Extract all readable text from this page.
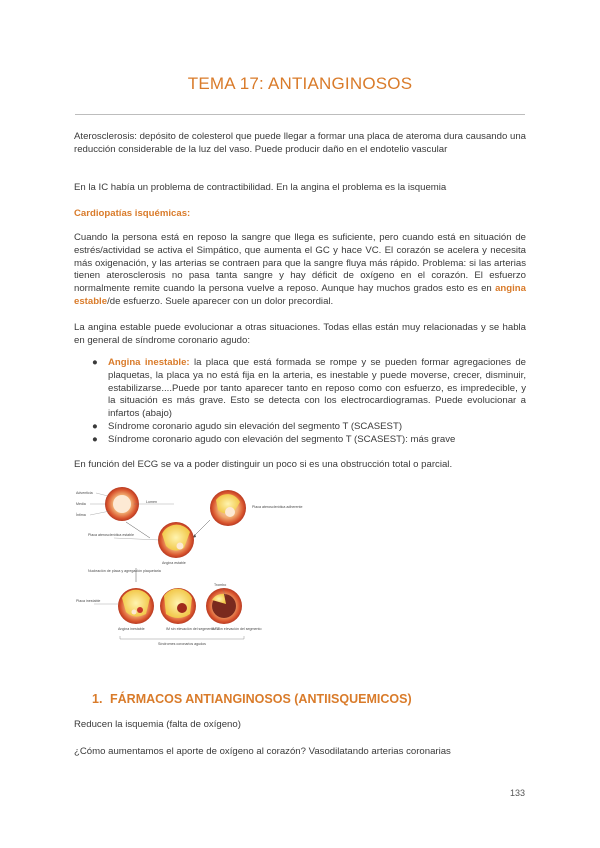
TEMA 17: ANTIANGINOSOS

Aterosclerosis: depósito de colesterol que puede llegar a formar una placa de ateroma dura causando una reducción considerable de la luz del vaso. Puede producir daño en el endotelio vascular

En la IC había un problema de contractibilidad. En la angina el problema es la isquemia

Cardiopatías isquémicas:

Cuando la persona está en reposo la sangre que llega es suficiente, pero cuando está en situación de estrés/actividad se activa el Simpático, que aumenta el GC y hace VC. El corazón se acelera y necesita más oxigenación, y las arterias se contraen para que la sangre fluya más rápido. Problema: si las arterias tienen aterosclerosis no pasa tanta sangre y hay déficit de oxígeno en el corazón. El esfuerzo normalmente remite cuando la persona vuelve a reposo. Aunque hay muchos grados esto es en angina estable/de esfuerzo. Suele aparecer con un dolor precordial.

La angina estable puede evolucionar a otras situaciones. Todas ellas están muy relacionadas y se habla en general de síndrome coronario agudo:

● Angina inestable: la placa que está formada se rompe y se pueden formar agregaciones de plaquetas, la placa ya no está fija en la arteria, es inestable y puede moverse, crecer, disminuir, estabilizarse....Puede por tanto aparecer tanto en reposo como con esfuerzo, es impredecible, y la situación es más grave. Esto se detecta con los electrocardiogramas. Puede evolucionar a infartos (abajo)
● Síndrome coronario agudo sin elevación del segmento T (SCASEST)
● Síndrome coronario agudo con elevación del segmento T (SCASEST): más grave

En función del ECG se va a poder distinguir un poco si es una obstrucción total o parcial.

Adventicia
Media
Íntima
Lumen
Placa aterosclerótica adherente
Placa aterosclerótica estable
Angina estable
Nucleación de placa y agregación plaquetaria
Placa inestable
Angina inestable	IM sin elevación del segmento ST
Trombo
IM con elevación del segmento
Síndromes coronarios agudos
1. FÁRMACOS ANTIANGINOSOS (ANTIISQUEMICOS)

Reducen la isquemia (falta de oxígeno)

¿Cómo aumentamos el aporte de oxígeno al corazón? Vasodilatando arterias coronarias

133
